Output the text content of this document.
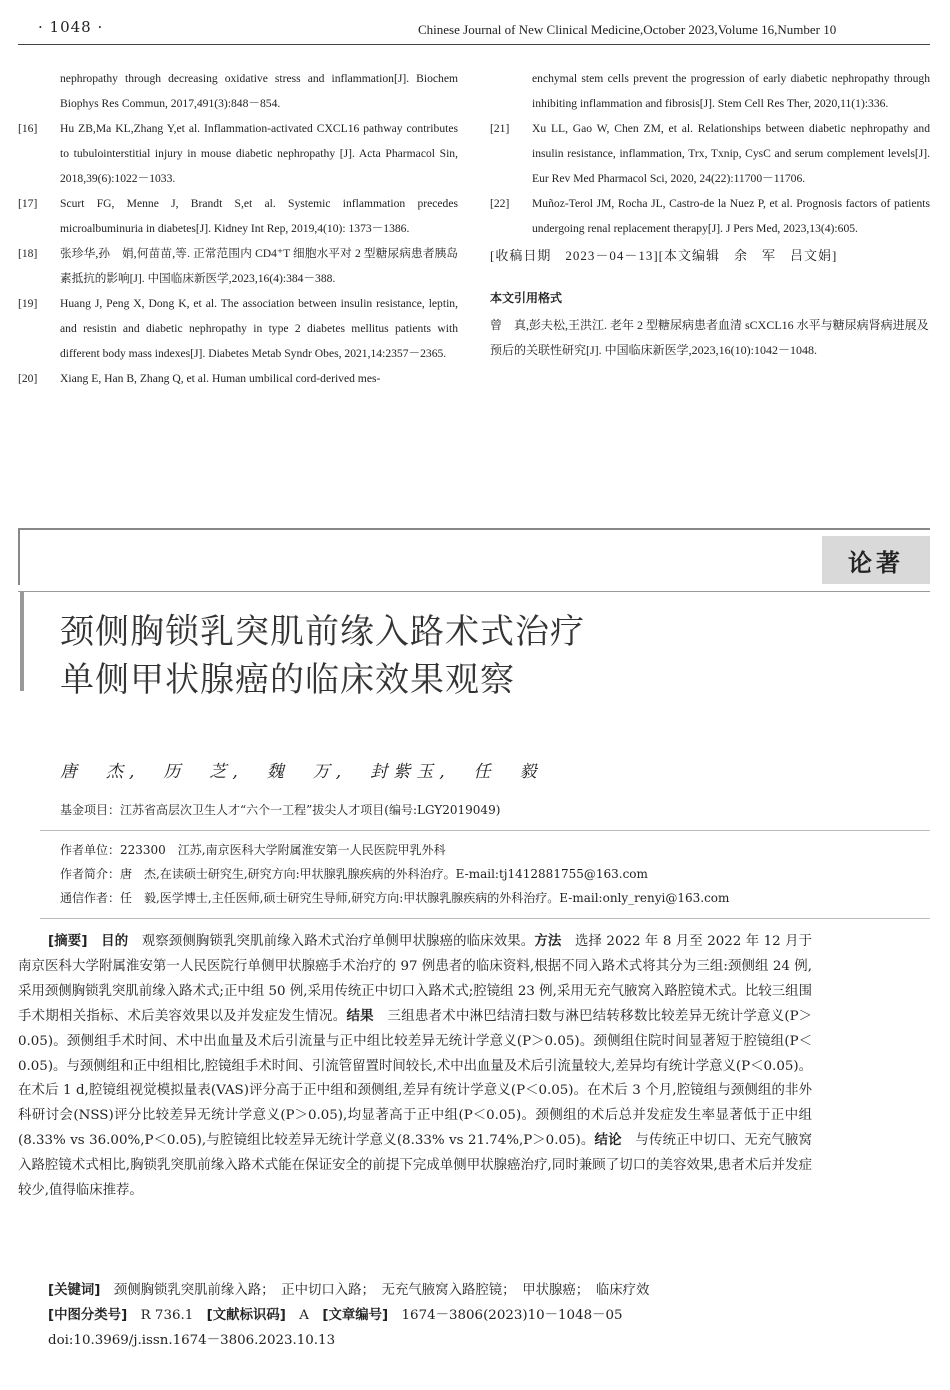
· 1048 ·	Chinese Journal of New Clinical Medicine,October 2023,Volume 16,Number 10
nephropathy through decreasing oxidative stress and inflammation[J]. Biochem Biophys Res Commun, 2017,491(3):848－854.
[16] Hu ZB,Ma KL,Zhang Y,et al. Inflammation-activated CXCL16 pathway contributes to tubulointerstitial injury in mouse diabetic nephropathy [J]. Acta Pharmacol Sin, 2018,39(6):1022－1033.
[17] Scurt FG, Menne J, Brandt S,et al. Systemic inflammation precedes microalbuminuria in diabetes[J]. Kidney Int Rep, 2019,4(10): 1373－1386.
[18] 张珍华,孙　娟,何苗苗,等. 正常范围内 CD4⁺T 细胞水平对 2 型糖尿病患者胰岛素抵抗的影响[J]. 中国临床新医学,2023,16(4):384－388.
[19] Huang J, Peng X, Dong K, et al. The association between insulin resistance, leptin, and resistin and diabetic nephropathy in type 2 diabetes mellitus patients with different body mass indexes[J]. Diabetes Metab Syndr Obes, 2021,14:2357－2365.
[20] Xiang E, Han B, Zhang Q, et al. Human umbilical cord-derived mes-
enchymal stem cells prevent the progression of early diabetic nephropathy through inhibiting inflammation and fibrosis[J]. Stem Cell Res Ther, 2020,11(1):336.
[21] Xu LL, Gao W, Chen ZM, et al. Relationships between diabetic nephropathy and insulin resistance, inflammation, Trx, Txnip, CysC and serum complement levels[J]. Eur Rev Med Pharmacol Sci, 2020, 24(22):11700－11706.
[22] Muñoz-Terol JM, Rocha JL, Castro-de la Nuez P, et al. Prognosis factors of patients undergoing renal replacement therapy[J]. J Pers Med, 2023,13(4):605.
[收稿日期　2023－04－13][本文编辑　余　军　吕文娟]
本文引用格式
曾　真,彭夫松,王洪江. 老年 2 型糖尿病患者血清 sCXCL16 水平与糖尿病肾病进展及预后的关联性研究[J]. 中国临床新医学,2023,16(10):1042－1048.
论著
颈侧胸锁乳突肌前缘入路术式治疗
单侧甲状腺癌的临床效果观察
唐　杰,　历　芝,　魏　万,　封紫玉,　任　毅
基金项目：江苏省高层次卫生人才“六个一工程”拔尖人才项目(编号:LGY2019049)
作者单位：223300　江苏,南京医科大学附属淮安第一人民医院甲乳外科
作者简介：唐　杰,在读硕士研究生,研究方向:甲状腺乳腺疾病的外科治疗。E-mail:tj1412881755@163.com
通信作者：任　毅,医学博士,主任医师,硕士研究生导师,研究方向:甲状腺乳腺疾病的外科治疗。E-mail:only_renyi@163.com
[摘要]　 目的　 观察颈侧胸锁乳突肌前缘入路术式治疗单侧甲状腺癌的临床效果。方法　 选择 2022 年 8 月至 2022 年 12 月于南京医科大学附属淮安第一人民医院行单侧甲状腺癌手术治疗的 97 例患者的临床资料,根据不同入路术式将其分为三组:颈侧组 24 例,采用颈侧胸锁乳突肌前缘入路术式;正中组 50 例,采用传统正中切口入路术式;腔镜组 23 例,采用无充气腋窝入路腔镜术式。比较三组围手术期相关指标、术后美容效果以及并发症发生情况。结果　 三组患者术中淋巴结清扫数与淋巴结转移数比较差异无统计学意义(P＞0.05)。颈侧组手术时间、术中出血量及术后引流量与正中组比较差异无统计学意义(P＞0.05)。颈侧组住院时间显著短于腔镜组(P＜0.05)。与颈侧组和正中组相比,腔镜组手术时间、引流管留置时间较长,术中出血量及术后引流量较大,差异均有统计学意义(P＜0.05)。在术后 1 d,腔镜组视觉模拟量表(VAS)评分高于正中组和颈侧组,差异有统计学意义(P＜0.05)。在术后 3 个月,腔镜组与颈侧组的非外科研讨会(NSS)评分比较差异无统计学意义(P＞0.05),均显著高于正中组(P＜0.05)。颈侧组的术后总并发症发生率显著低于正中组(8.33% vs 36.00%,P＜0.05),与腔镜组比较差异无统计学意义(8.33% vs 21.74%,P＞0.05)。结论　 与传统正中切口、无充气腋窝入路腔镜术式相比,胸锁乳突肌前缘入路术式能在保证安全的前提下完成单侧甲状腺癌治疗,同时兼顾了切口的美容效果,患者术后并发症较少,值得临床推荐。
[关键词]　 颈侧胸锁乳突肌前缘入路；　正中切口入路；　无充气腋窝入路腔镜；　甲状腺癌；　临床疗效
[中图分类号]　 R 736.1　 [文献标识码]　 A　 [文章编号]　 1674－3806(2023)10－1048－05
doi:10.3969/j.issn.1674－3806.2023.10.13
